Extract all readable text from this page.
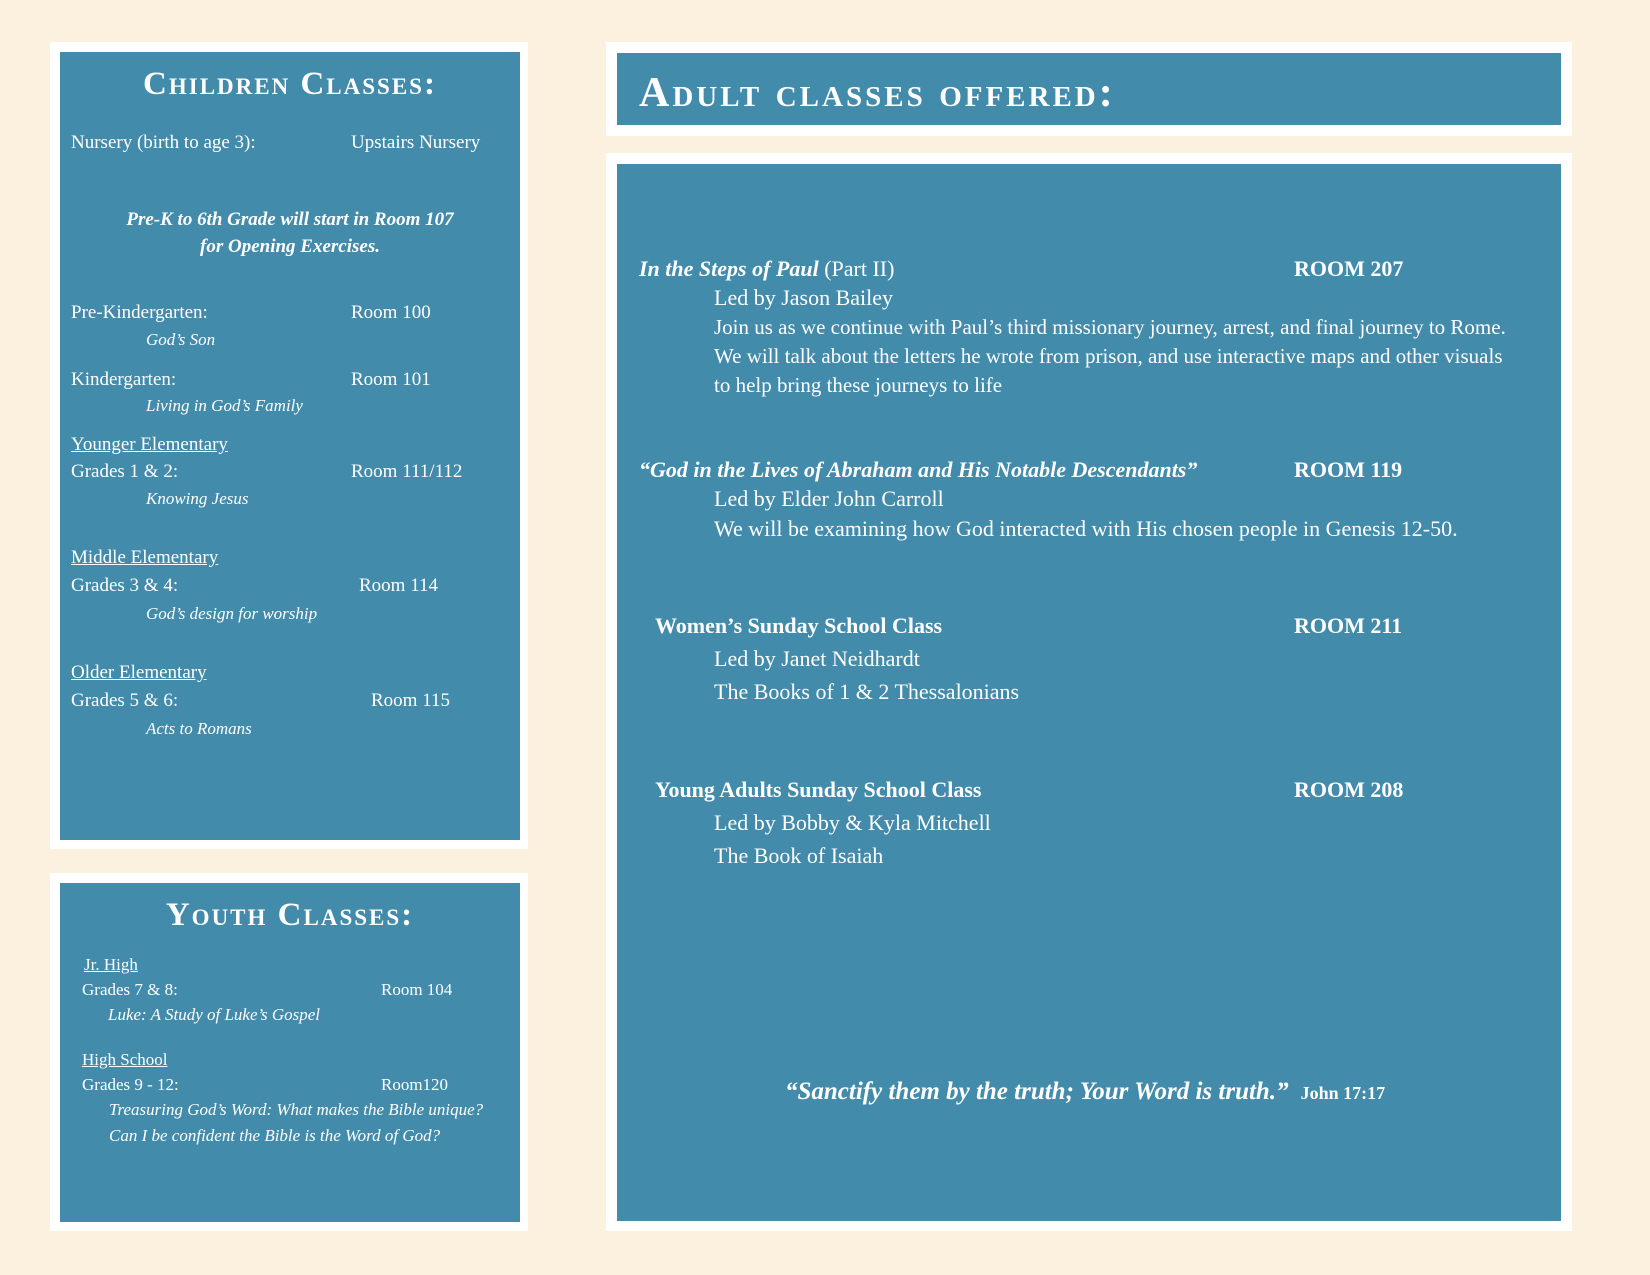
Children Classes:
Nursery (birth to age 3):	Upstairs Nursery
Pre-K to 6th Grade will start in Room 107
for Opening Exercises.
Pre-Kindergarten:	Room 100
God’s Son
Kindergarten:	Room 101
Living in God’s Family
Younger Elementary
Grades 1 & 2:	Room 111/112
Knowing Jesus
Middle Elementary
Grades 3 & 4:	Room 114
God’s design for worship
Older Elementary
Grades 5 & 6:	Room 115
Acts to Romans
Youth Classes:
Jr. High
Grades 7 & 8:	Room 104
Luke: A Study of Luke’s Gospel
High School
Grades 9 - 12:	Room120
Treasuring God’s Word: What makes the Bible unique?
Can I be confident the Bible is the Word of God?
Adult classes offered:
In the Steps of Paul (Part II)	ROOM 207
Led by Jason Bailey
Join us as we continue with Paul’s third missionary journey, arrest, and final journey to Rome.
We will talk about the letters he wrote from prison, and use interactive maps and other visuals
to help bring these journeys to life
“God in the Lives of Abraham and His Notable Descendants”	ROOM 119
Led by Elder John Carroll
We will be examining how God interacted with His chosen people in Genesis 12-50.
Women’s Sunday School Class	ROOM 211
Led by Janet Neidhardt
The Books of 1 & 2 Thessalonians
Young Adults Sunday School Class	ROOM 208
Led by Bobby & Kyla Mitchell
The Book of Isaiah
“Sanctify them by the truth; Your Word is truth.” John 17:17
